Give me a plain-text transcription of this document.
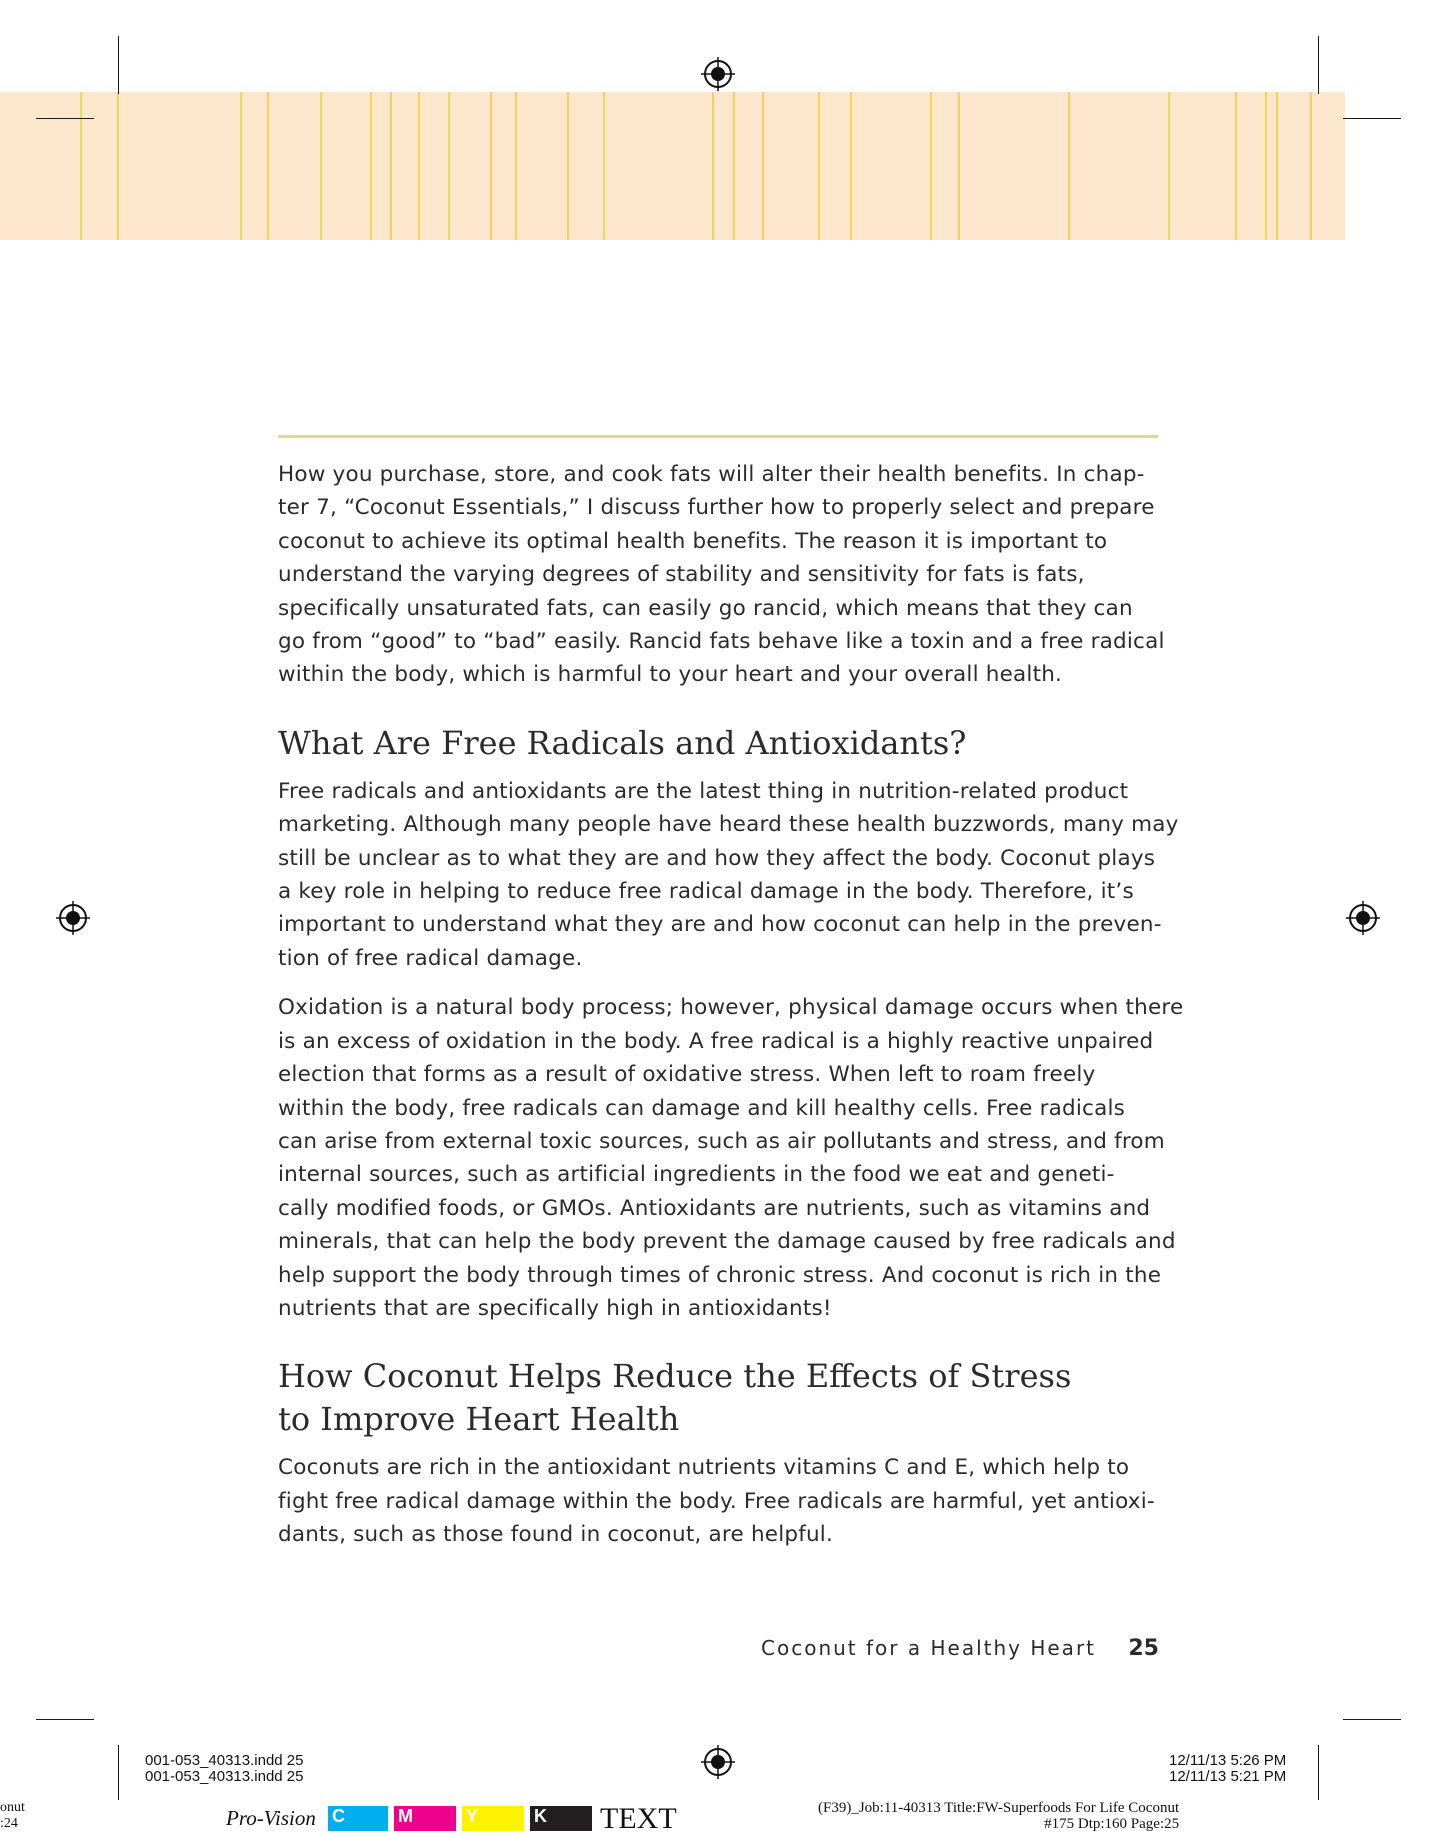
How you purchase, store, and cook fats will alter their health benefits. In chap-
ter 7, “Coconut Essentials,” I discuss further how to properly select and prepare
coconut to achieve its optimal health benefits. The reason it is important to
understand the varying degrees of stability and sensitivity for fats is fats,
specifically unsaturated fats, can easily go rancid, which means that they can
go from “good” to “bad” easily. Rancid fats behave like a toxin and a free radical
within the body, which is harmful to your heart and your overall health.

What Are Free Radicals and Antioxidants?

Free radicals and antioxidants are the latest thing in nutrition-related product
marketing. Although many people have heard these health buzzwords, many may
still be unclear as to what they are and how they affect the body. Coconut plays
a key role in helping to reduce free radical damage in the body. Therefore, it’s
important to understand what they are and how coconut can help in the preven-
tion of free radical damage.

Oxidation is a natural body process; however, physical damage occurs when there
is an excess of oxidation in the body. A free radical is a highly reactive unpaired
election that forms as a result of oxidative stress. When left to roam freely
within the body, free radicals can damage and kill healthy cells. Free radicals
can arise from external toxic sources, such as air pollutants and stress, and from
internal sources, such as artificial ingredients in the food we eat and geneti-
cally modified foods, or GMOs. Antioxidants are nutrients, such as vitamins and
minerals, that can help the body prevent the damage caused by free radicals and
help support the body through times of chronic stress. And coconut is rich in the
nutrients that are specifically high in antioxidants!

How Coconut Helps Reduce the Effects of Stress
to Improve Heart Health

Coconuts are rich in the antioxidant nutrients vitamins C and E, which help to
fight free radical damage within the body. Free radicals are harmful, yet antioxi-
dants, such as those found in coconut, are helpful.

Coconut for a Healthy Heart 25
001-053_40313.indd 25
001-053_40313.indd 25
12/11/13 5:26 PM
12/11/13 5:21 PM
onut
:24	Pro-Vision C	M	Y	K	TEXT	(F39)_Job:11-40313 Title:FW-Superfoods For Life Coconut
#175 Dtp:160 Page:25
